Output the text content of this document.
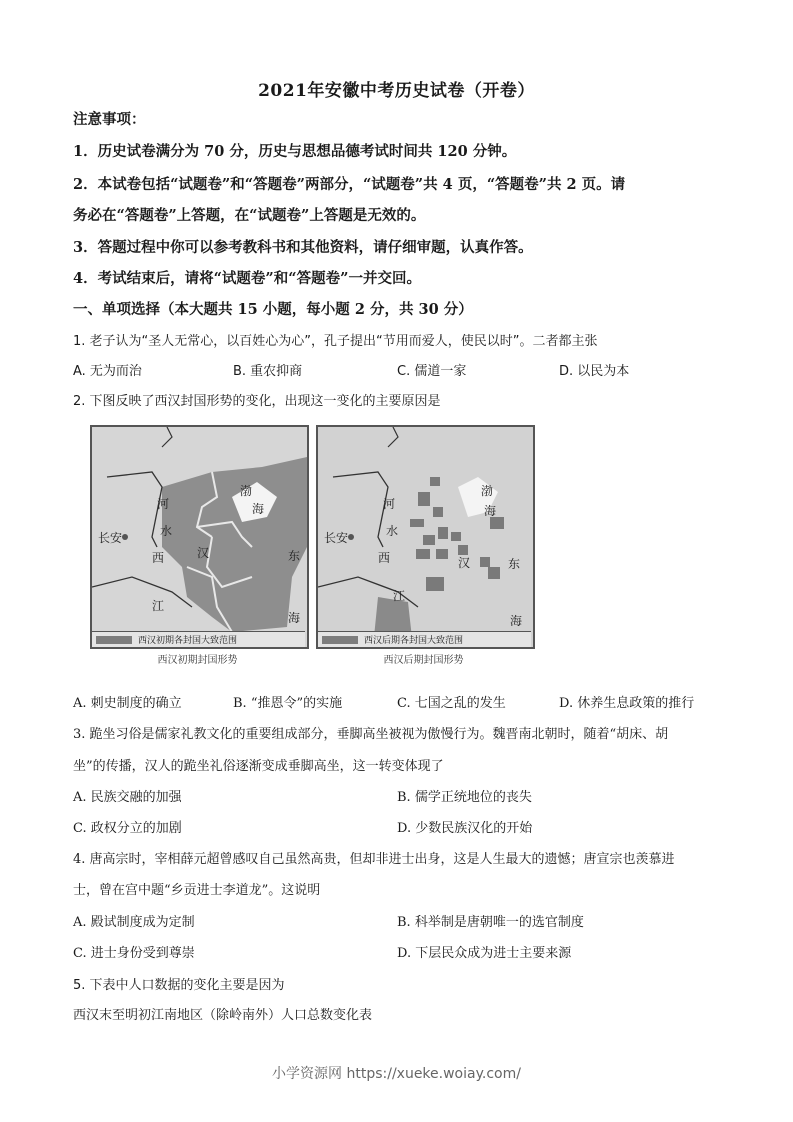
2021年安徽中考历史试卷（开卷）
注意事项：
1．历史试卷满分为 70 分，历史与思想品德考试时间共 120 分钟。
2．本试卷包括“试题卷”和“答题卷”两部分，“试题卷”共 4 页，“答题卷”共 2 页。请
务必在“答题卷”上答题，在“试题卷”上答题是无效的。
3．答题过程中你可以参考教科书和其他资料，请仔细审题，认真作答。
4．考试结束后，请将“试题卷”和“答题卷”一并交回。
一、单项选择（本大题共 15 小题，每小题 2 分，共 30 分）
1. 老子认为“圣人无常心，以百姓心为心”，孔子提出“节用而爱人，使民以时”。二者都主张
A. 无为而治	B. 重农抑商	C. 儒道一家	D. 以民为本
2. 下图反映了西汉封国形势的变化，出现这一变化的主要原因是
长安
西	汉
河
水
江
渤
海
东
海
西汉初期各封国大致范围
西汉初期封国形势
长安
西	汉
河
水
江
渤
海
东
海
西汉后期各封国大致范围
西汉后期封国形势
A. 刺史制度的确立	B. “推恩令”的实施	C. 七国之乱的发生	D. 休养生息政策的推行
3. 跪坐习俗是儒家礼教文化的重要组成部分，垂脚高坐被视为傲慢行为。魏晋南北朝时，随着“胡床、胡
坐”的传播，汉人的跪坐礼俗逐渐变成垂脚高坐，这一转变体现了
A. 民族交融的加强	B. 儒学正统地位的丧失
C. 政权分立的加剧	D. 少数民族汉化的开始
4. 唐高宗时，宰相薛元超曾感叹自己虽然高贵，但却非进士出身，这是人生最大的遗憾；唐宣宗也羡慕进
士，曾在宫中题“乡贡进士李道龙”。这说明
A. 殿试制度成为定制	B. 科举制是唐朝唯一的选官制度
C. 进士身份受到尊崇	D. 下层民众成为进士主要来源
5. 下表中人口数据的变化主要是因为
西汉末至明初江南地区（除岭南外）人口总数变化表
小学资源网 https://xueke.woiay.com/
